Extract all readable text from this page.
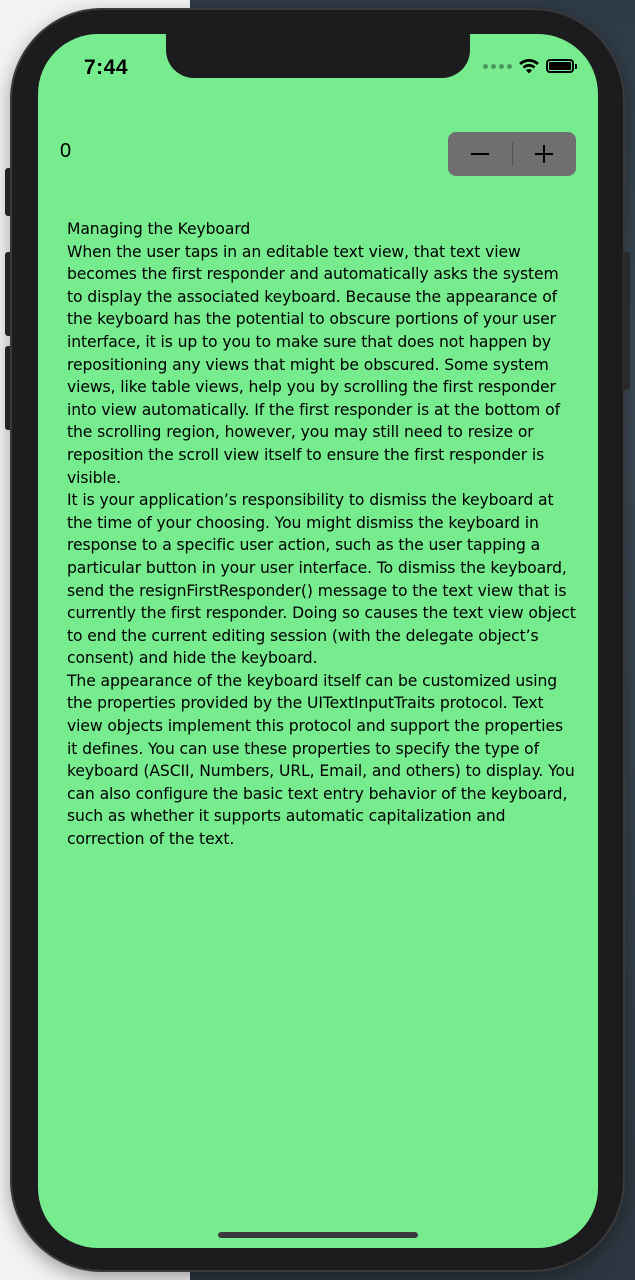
7:44
0

Managing the Keyboard

When the user taps in an editable text view, that text view becomes the first responder and automatically asks the system to display the associated keyboard. Because the appearance of the keyboard has the potential to obscure portions of your user interface, it is up to you to make sure that does not happen by repositioning any views that might be obscured. Some system views, like table views, help you by scrolling the first responder into view automatically. If the first responder is at the bottom of the scrolling region, however, you may still need to resize or reposition the scroll view itself to ensure the first responder is visible.

It is your application’s responsibility to dismiss the keyboard at the time of your choosing. You might dismiss the keyboard in response to a specific user action, such as the user tapping a particular button in your user interface. To dismiss the keyboard, send the resignFirstResponder() message to the text view that is currently the first responder. Doing so causes the text view object to end the current editing session (with the delegate object’s consent) and hide the keyboard.

The appearance of the keyboard itself can be customized using the properties provided by the UITextInputTraits protocol. Text view objects implement this protocol and support the properties it defines. You can use these properties to specify the type of keyboard (ASCII, Numbers, URL, Email, and others) to display. You can also configure the basic text entry behavior of the keyboard, such as whether it supports automatic capitalization and correction of the text.
